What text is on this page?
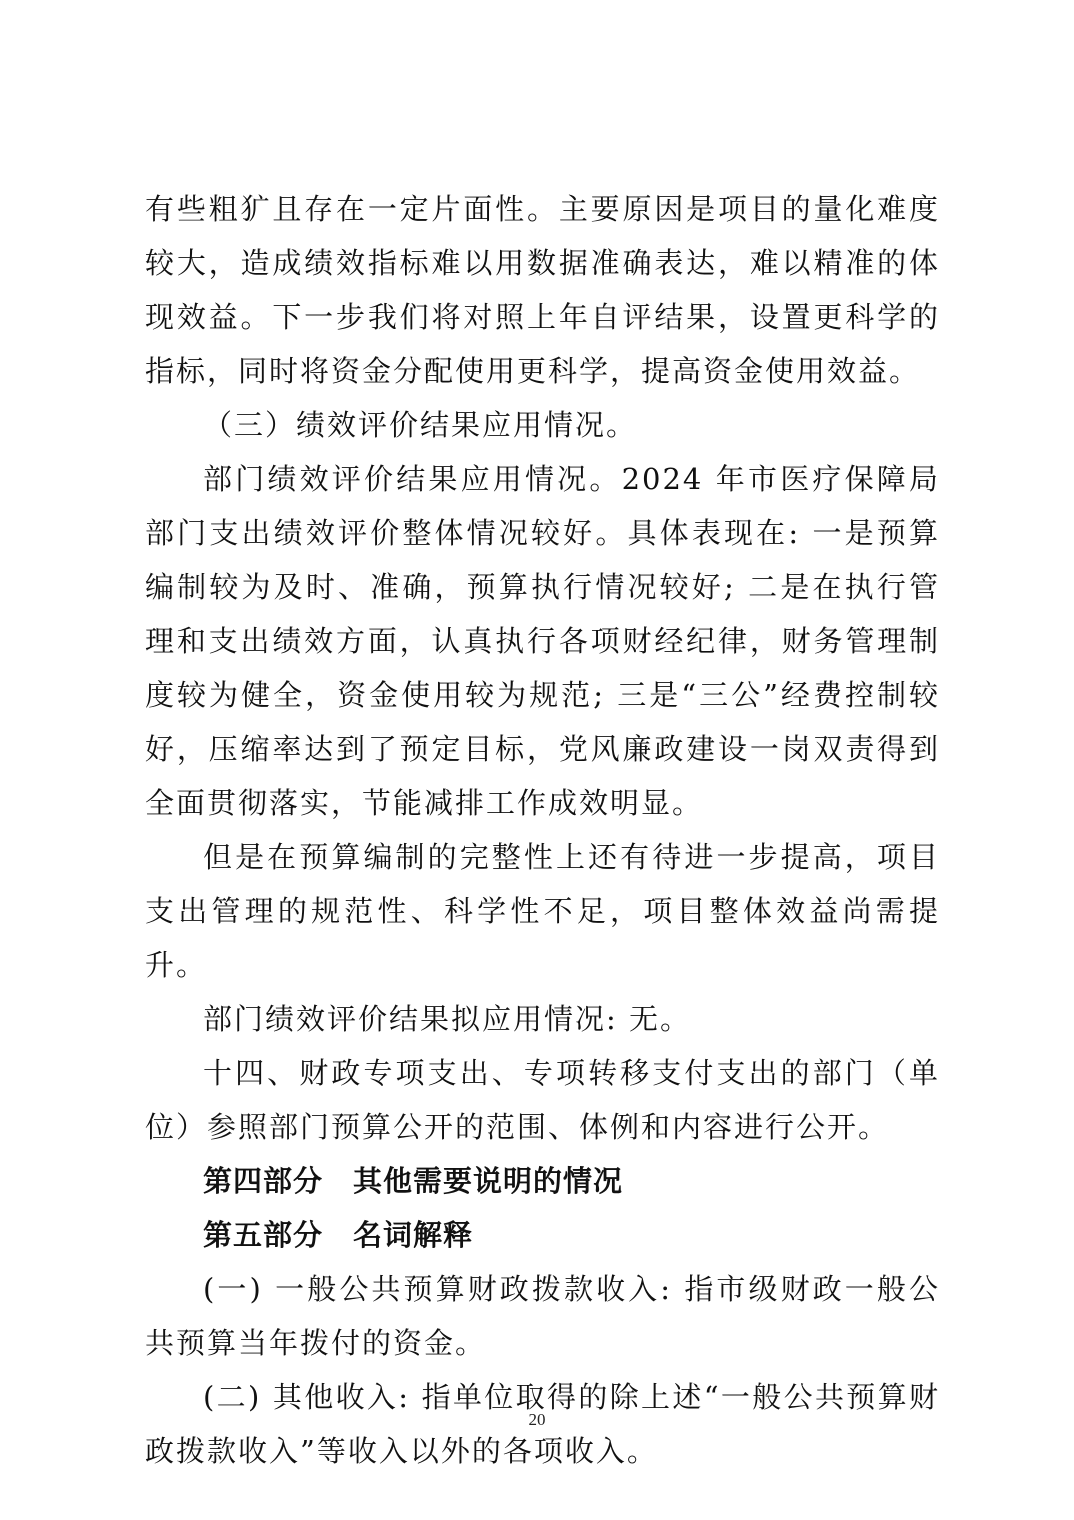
有些粗犷且存在一定片面性。主要原因是项目的量化难度较大，造成绩效指标难以用数据准确表达，难以精准的体现效益。下一步我们将对照上年自评结果，设置更科学的指标，同时将资金分配使用更科学，提高资金使用效益。

（三）绩效评价结果应用情况。

部门绩效评价结果应用情况。2024 年市医疗保障局部门支出绩效评价整体情况较好。具体表现在: 一是预算编制较为及时、准确，预算执行情况较好; 二是在执行管理和支出绩效方面，认真执行各项财经纪律，财务管理制度较为健全，资金使用较为规范; 三是“三公”经费控制较好，压缩率达到了预定目标，党风廉政建设一岗双责得到全面贯彻落实，节能减排工作成效明显。

但是在预算编制的完整性上还有待进一步提高，项目支出管理的规范性、科学性不足，项目整体效益尚需提升。

部门绩效评价结果拟应用情况: 无。

十四、财政专项支出、专项转移支付支出的部门（单位）参照部门预算公开的范围、体例和内容进行公开。

第四部分 其他需要说明的情况

第五部分 名词解释

(一) 一般公共预算财政拨款收入: 指市级财政一般公共预算当年拨付的资金。

(二) 其他收入: 指单位取得的除上述“一般公共预算财政拨款收入”等收入以外的各项收入。

20
